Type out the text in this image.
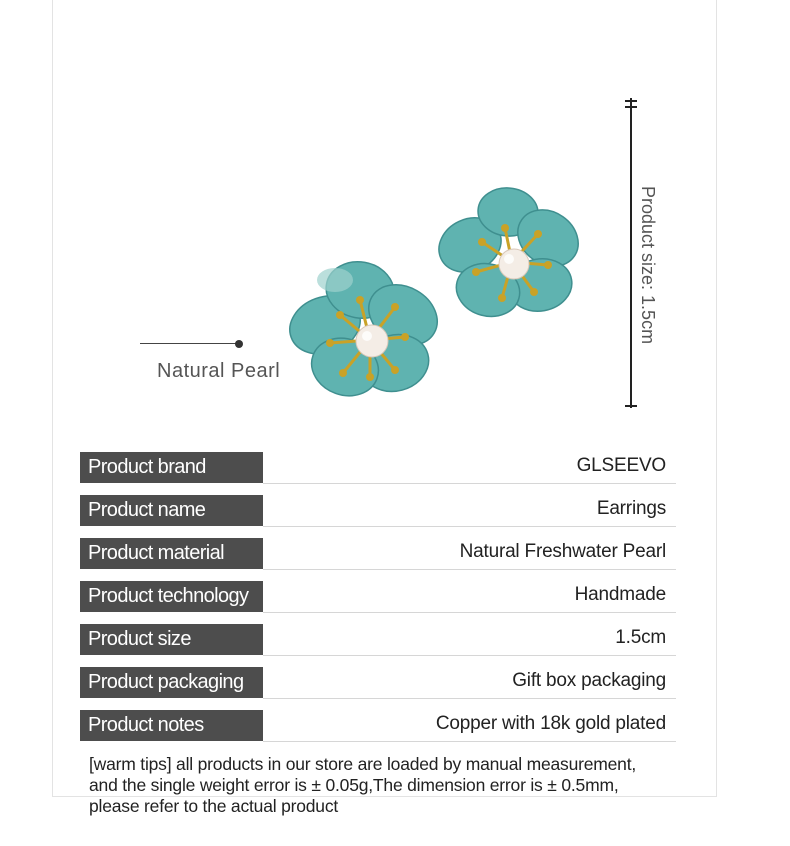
Natural Pearl
Product size: 1.5cm
Product brand	GLSEEVO
Product name	Earrings
Product material	Natural Freshwater Pearl
Product technology	Handmade
Product size	1.5cm
Product packaging	Gift box packaging
Product notes	Copper with 18k gold plated
[warm tips] all products in our store are loaded by manual measurement,
and the single weight error is ± 0.05g,The dimension error is ± 0.5mm,
please refer to the actual product
